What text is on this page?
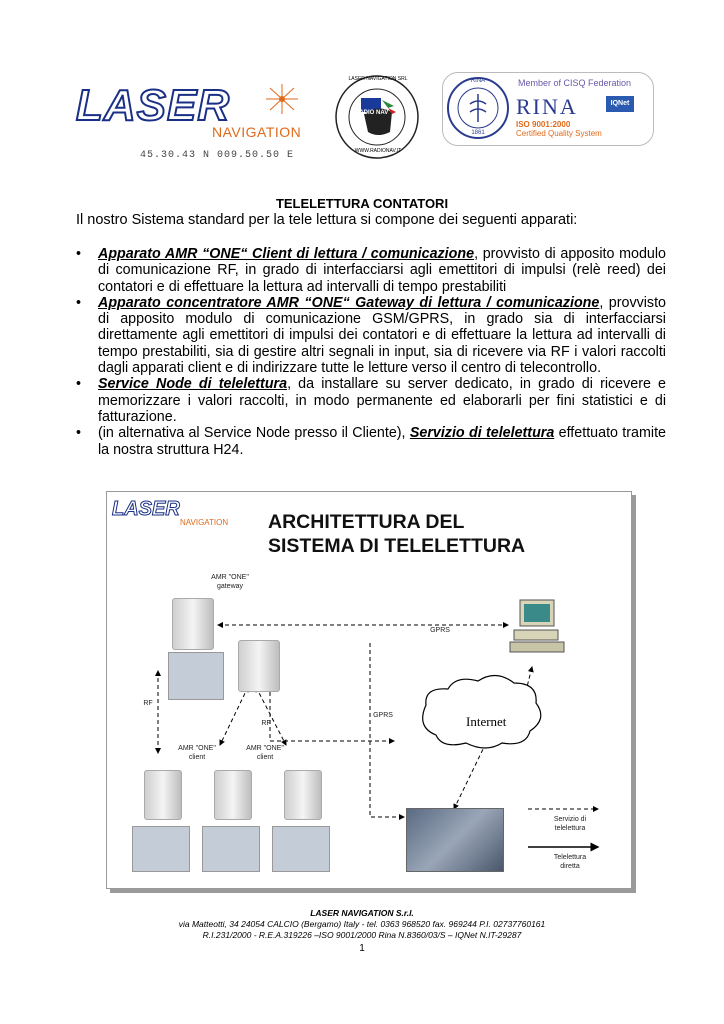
LASER
NAVIGATION
45.30.43 N 009.50.50 E
RADIO NAV
LASER NAVIGATION SRL
WWW.RADIONAV.IT
RINA
1861
Member of CISQ Federation
RINA
ISO 9001:2000
Certified Quality System
IQNet
TELELETTURA CONTATORI
Il nostro Sistema standard per la tele lettura si compone dei seguenti apparati:
• Apparato AMR “ONE“ Client di lettura / comunicazione, provvisto di apposito modulo di comunicazione RF, in grado di interfacciarsi agli emettitori di impulsi (relè reed) dei contatori e di effettuare la lettura ad intervalli di tempo prestabiliti
• Apparato concentratore AMR “ONE“ Gateway di lettura / comunicazione, provvisto di apposito modulo di comunicazione GSM/GPRS, in grado sia di interfacciarsi direttamente agli emettitori di impulsi dei contatori e di effettuare la lettura ad intervalli di tempo prestabiliti, sia di gestire altri segnali in input, sia di ricevere via RF i valori raccolti dagli apparati client e di indirizzare tutte le letture verso il centro di telecontrollo.
• Service Node di telelettura, da installare su server dedicato, in grado di ricevere e memorizzare i valori raccolti, in modo permanente ed elaborarli per fini statistici e di fatturazione.
• (in alternativa al Service Node presso il Cliente), Servizio di telelettura effettuato tramite la nostra struttura H24.
LASER
NAVIGATION ARCHITETTURA DEL
SISTEMA DI TELELETTURA
AMR "ONE"
gateway
GPRS
GPRS
RF
RF
AMR "ONE"
client
AMR "ONE"
client
Internet
Servizio di
telelettura
Telelettura
diretta
LASER NAVIGATION S.r.l.
via Matteotti, 34 24054 CALCIO (Bergamo) Italy - tel. 0363 968520 fax. 969244 P.I. 02737760161
R.I.231/2000 - R.E.A.319226 –ISO 9001/2000 Rina N.8360/03/S – IQNet N.IT-29287
1
